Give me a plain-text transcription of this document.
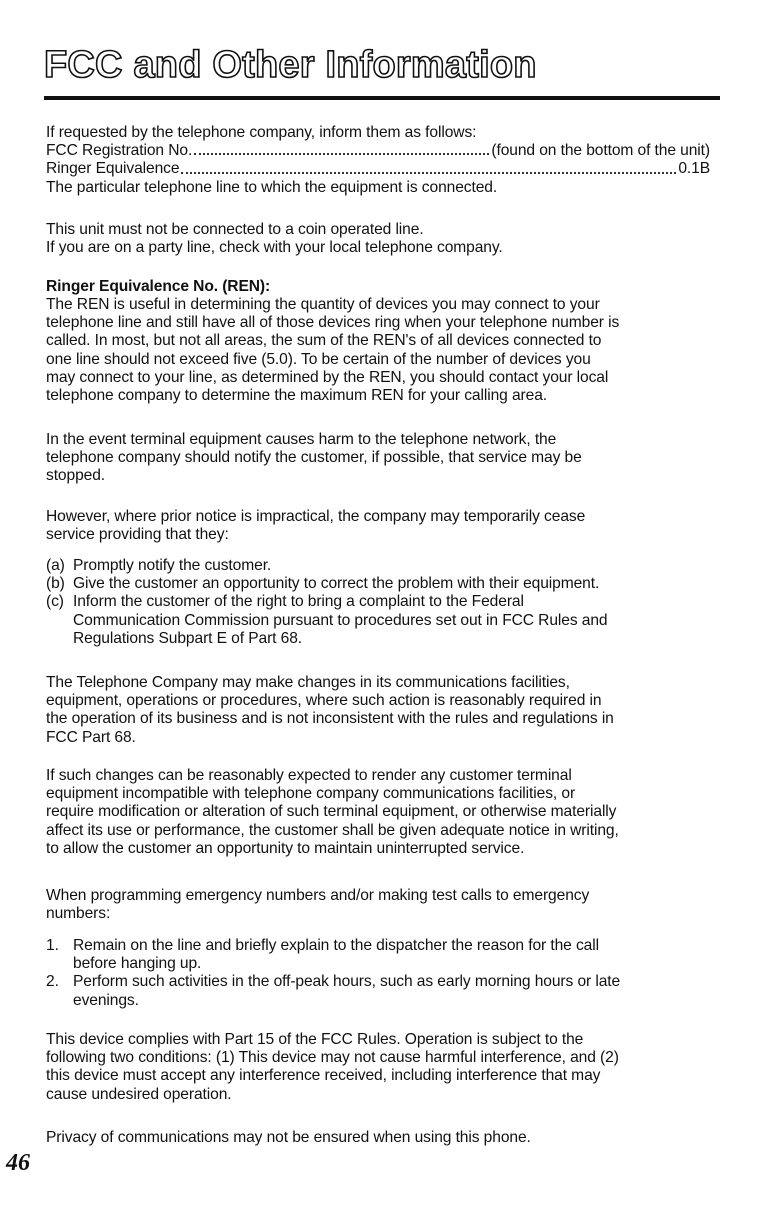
FCC and Other Information
If requested by the telephone company, inform them as follows:
FCC Registration No.	(found on the bottom of the unit)
Ringer Equivalence	0.1B
The particular telephone line to which the equipment is connected.
This unit must not be connected to a coin operated line.
If you are on a party line, check with your local telephone company.
Ringer Equivalence No. (REN):
The REN is useful in determining the quantity of devices you may connect to your
telephone line and still have all of those devices ring when your telephone number is
called. In most, but not all areas, the sum of the REN's of all devices connected to
one line should not exceed five (5.0). To be certain of the number of devices you
may connect to your line, as determined by the REN, you should contact your local
telephone company to determine the maximum REN for your calling area.
In the event terminal equipment causes harm to the telephone network, the
telephone company should notify the customer, if possible, that service may be
stopped.
However, where prior notice is impractical, the company may temporarily cease
service providing that they:
(a) Promptly notify the customer.
(b) Give the customer an opportunity to correct the problem with their equipment.
(c) Inform the customer of the right to bring a complaint to the Federal
Communication Commission pursuant to procedures set out in FCC Rules and
Regulations Subpart E of Part 68.
The Telephone Company may make changes in its communications facilities,
equipment, operations or procedures, where such action is reasonably required in
the operation of its business and is not inconsistent with the rules and regulations in
FCC Part 68.
If such changes can be reasonably expected to render any customer terminal
equipment incompatible with telephone company communications facilities, or
require modification or alteration of such terminal equipment, or otherwise materially
affect its use or performance, the customer shall be given adequate notice in writing,
to allow the customer an opportunity to maintain uninterrupted service.
When programming emergency numbers and/or making test calls to emergency
numbers:
1. Remain on the line and briefly explain to the dispatcher the reason for the call
before hanging up.
2. Perform such activities in the off-peak hours, such as early morning hours or late
evenings.
This device complies with Part 15 of the FCC Rules. Operation is subject to the
following two conditions: (1) This device may not cause harmful interference, and (2)
this device must accept any interference received, including interference that may
cause undesired operation.
Privacy of communications may not be ensured when using this phone.
46
